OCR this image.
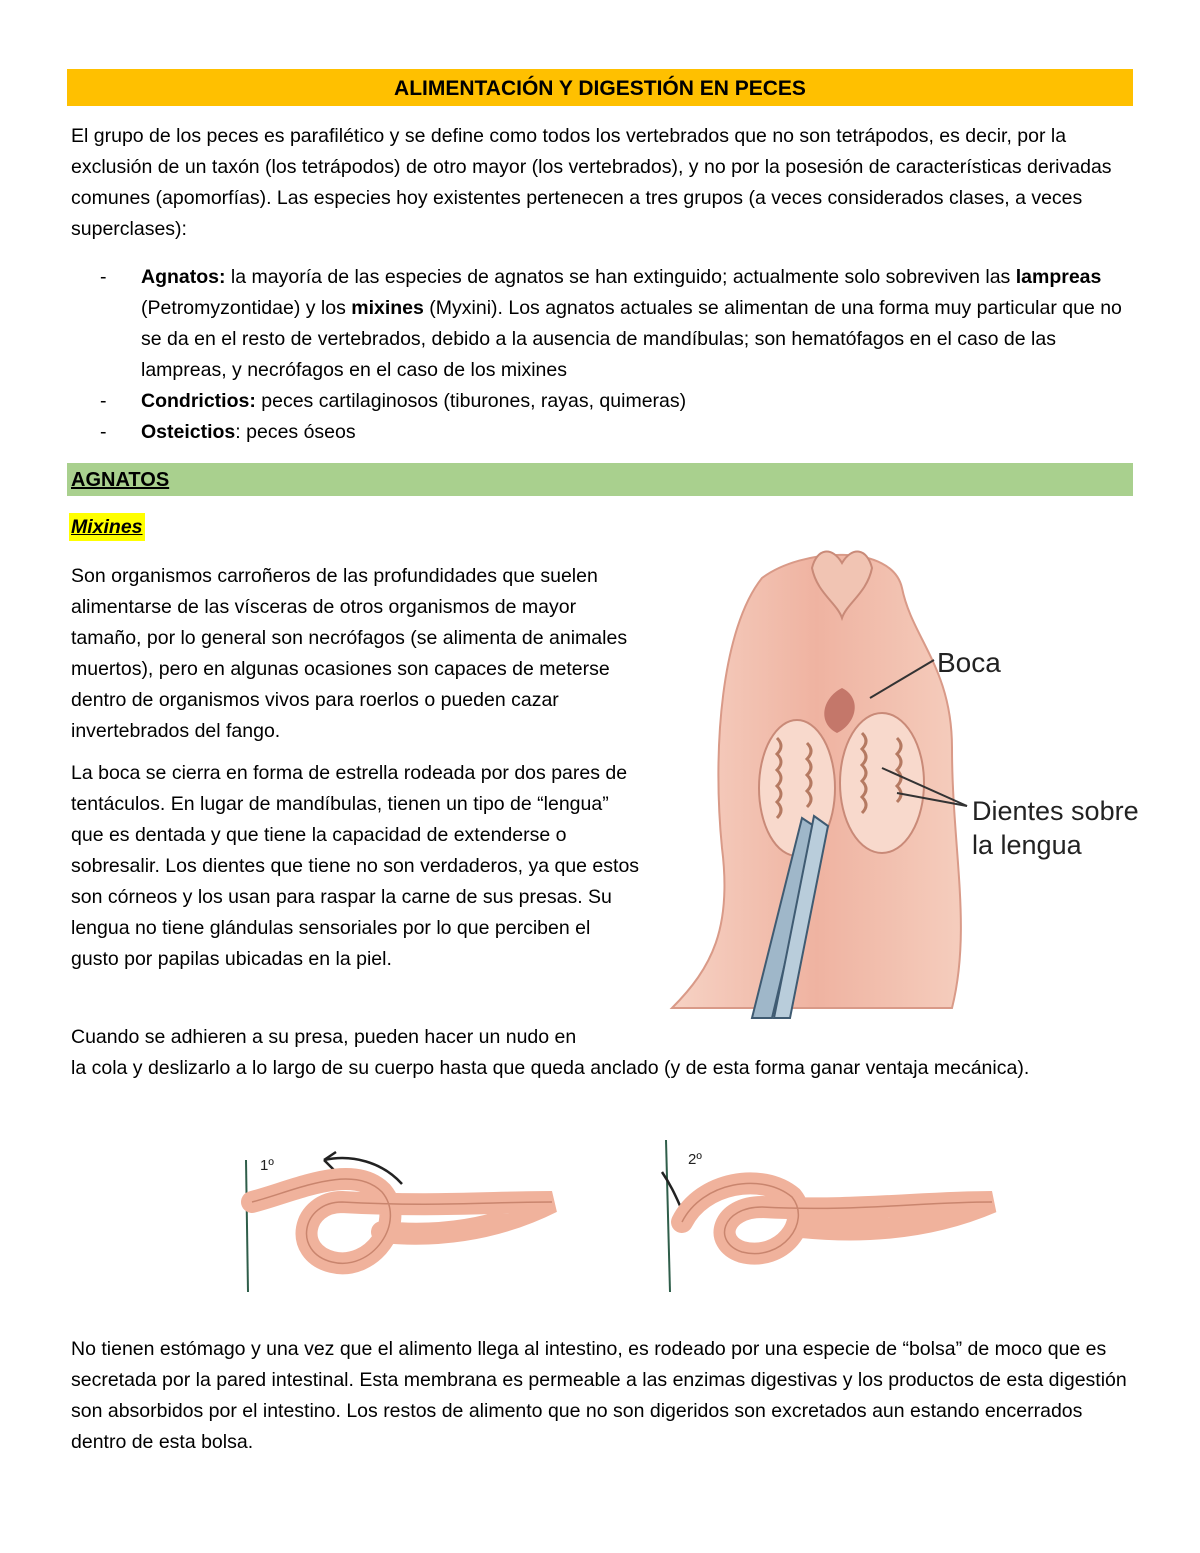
ALIMENTACIÓN Y DIGESTIÓN EN PECES
El grupo de los peces es parafilético y se define como todos los vertebrados que no son tetrápodos, es decir, por la exclusión de un taxón (los tetrápodos) de otro mayor (los vertebrados), y no por la posesión de características derivadas comunes (apomorfías). Las especies hoy existentes pertenecen a tres grupos (a veces considerados clases, a veces superclases):
- Agnatos: la mayoría de las especies de agnatos se han extinguido; actualmente solo sobreviven las lampreas (Petromyzontidae) y los mixines (Myxini). Los agnatos actuales se alimentan de una forma muy particular que no se da en el resto de vertebrados, debido a la ausencia de mandíbulas; son hematófagos en el caso de las lampreas, y necrófagos en el caso de los mixines
- Condrictios: peces cartilaginosos (tiburones, rayas, quimeras)
- Osteictios: peces óseos
AGNATOS
Mixines
Son organismos carroñeros de las profundidades que suelen alimentarse de las vísceras de otros organismos de mayor tamaño, por lo general son necrófagos (se alimenta de animales muertos), pero en algunas ocasiones son capaces de meterse dentro de organismos vivos para roerlos o pueden cazar invertebrados del fango.
La boca se cierra en forma de estrella rodeada por dos pares de tentáculos. En lugar de mandíbulas, tienen un tipo de “lengua” que es dentada y que tiene la capacidad de extenderse o sobresalir. Los dientes que tiene no son verdaderos, ya que estos son córneos y los usan para raspar la carne de sus presas. Su lengua no tiene glándulas sensoriales por lo que perciben el gusto por papilas ubicadas en la piel.
Cuando se adhieren a su presa, pueden hacer un nudo en
la cola y deslizarlo a lo largo de su cuerpo hasta que queda anclado (y de esta forma ganar ventaja mecánica).
Boca
Dientes sobre
la lengua
1º	2º
No tienen estómago y una vez que el alimento llega al intestino, es rodeado por una especie de “bolsa” de moco que es secretada por la pared intestinal. Esta membrana es permeable a las enzimas digestivas y los productos de esta digestión son absorbidos por el intestino. Los restos de alimento que no son digeridos son excretados aun estando encerrados dentro de esta bolsa.
